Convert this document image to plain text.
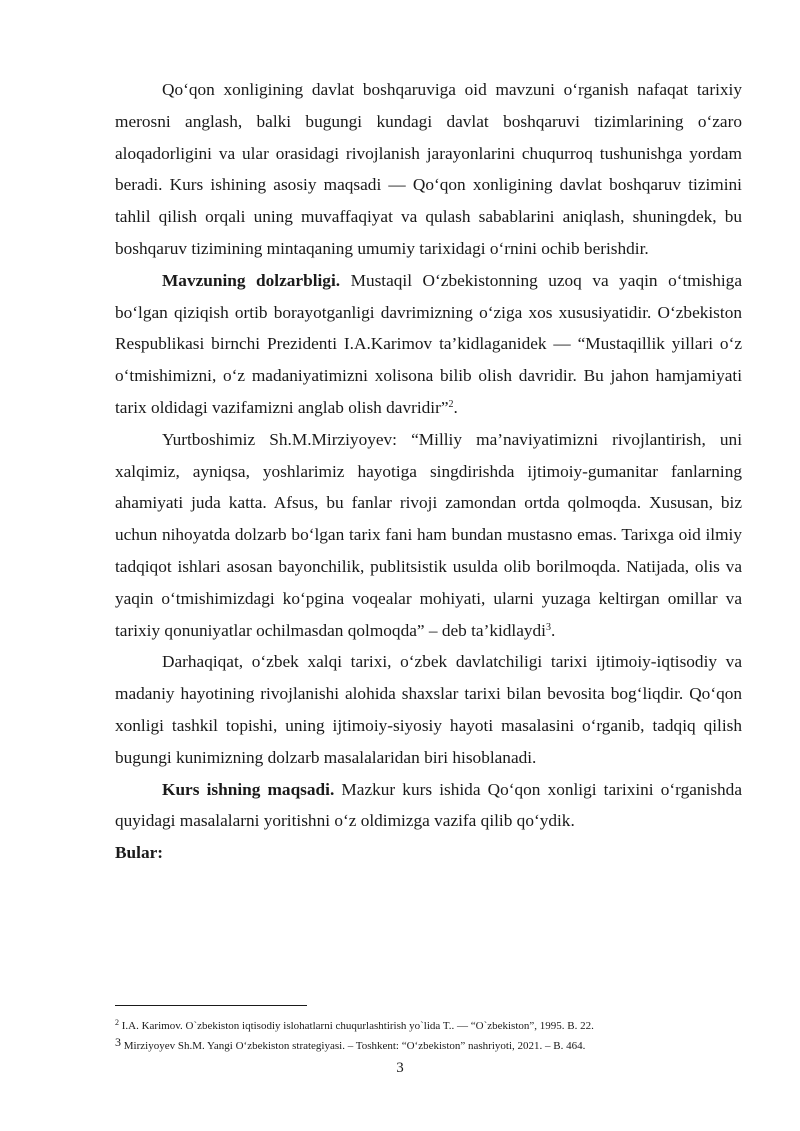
Qo‘qon xonligining davlat boshqaruviga oid mavzuni o‘rganish nafaqat tarixiy merosni anglash, balki bugungi kundagi davlat boshqaruvi tizimlarining o‘zaro aloqadorligini va ular orasidagi rivojlanish jarayonlarini chuqurroq tushunishga yordam beradi. Kurs ishining asosiy maqsadi — Qo‘qon xonligining davlat boshqaruv tizimini tahlil qilish orqali uning muvaffaqiyat va qulash sabablarini aniqlash, shuningdek, bu boshqaruv tizimining mintaqaning umumiy tarixidagi o‘rnini ochib berishdir.

Mavzuning dolzarbligi. Mustaqil O‘zbekistonning uzoq va yaqin o‘tmishiga bo‘lgan qiziqish ortib borayotganligi davrimizning o‘ziga xos xususiyatidir. O‘zbekiston Respublikasi birnchi Prezidenti I.A.Karimov ta’kidlaganidek — “Mustaqillik yillari o‘z o‘tmishimizni, o‘z madaniyatimizni xolisona bilib olish davridir. Bu jahon hamjamiyati tarix oldidagi vazifamizni anglab olish davridir”$^2$.

Yurtboshimiz Sh.M.Mirziyoyev: “Milliy ma’naviyatimizni rivojlantirish, uni xalqimiz, ayniqsa, yoshlarimiz hayotiga singdirishda ijtimoiy-gumanitar fanlarning ahamiyati juda katta. Afsus, bu fanlar rivoji zamondan ortda qolmoqda. Xususan, biz uchun nihoyatda dolzarb bo‘lgan tarix fani ham bundan mustasno emas. Tarixga oid ilmiy tadqiqot ishlari asosan bayonchilik, publitsistik usulda olib borilmoqda. Natijada, olis va yaqin o‘tmishimizdagi ko‘pgina voqealar mohiyati, ularni yuzaga keltirgan omillar va tarixiy qonuniyatlar ochilmasdan qolmoqda” – deb ta’kidlaydi$^3$.

Darhaqiqat, o‘zbek xalqi tarixi, o‘zbek davlatchiligi tarixi ijtimoiy-iqtisodiy va madaniy hayotining rivojlanishi alohida shaxslar tarixi bilan bevosita bog‘liqdir. Qo‘qon xonligi tashkil topishi, uning ijtimoiy-siyosiy hayoti masalasini o‘rganib, tadqiq qilish bugungi kunimizning dolzarb masalalaridan biri hisoblanadi.

Kurs ishning maqsadi. Mazkur kurs ishida Qo‘qon xonligi tarixini o‘rganishda quyidagi masalalarni yoritishni o‘z oldimizga vazifa qilib qo‘ydik.

Bular:

$^2$ I.A. Karimov. O`zbekiston iqtisodiy islohatlarni chuqurlashtirish yo`lida T.. — “O`zbekiston”, 1995. B. 22.
3 Mirziyoyev Sh.M. Yangi O‘zbekiston strategiyasi. – Toshkent: “O‘zbekiston” nashriyoti, 2021. – B. 464.
3
